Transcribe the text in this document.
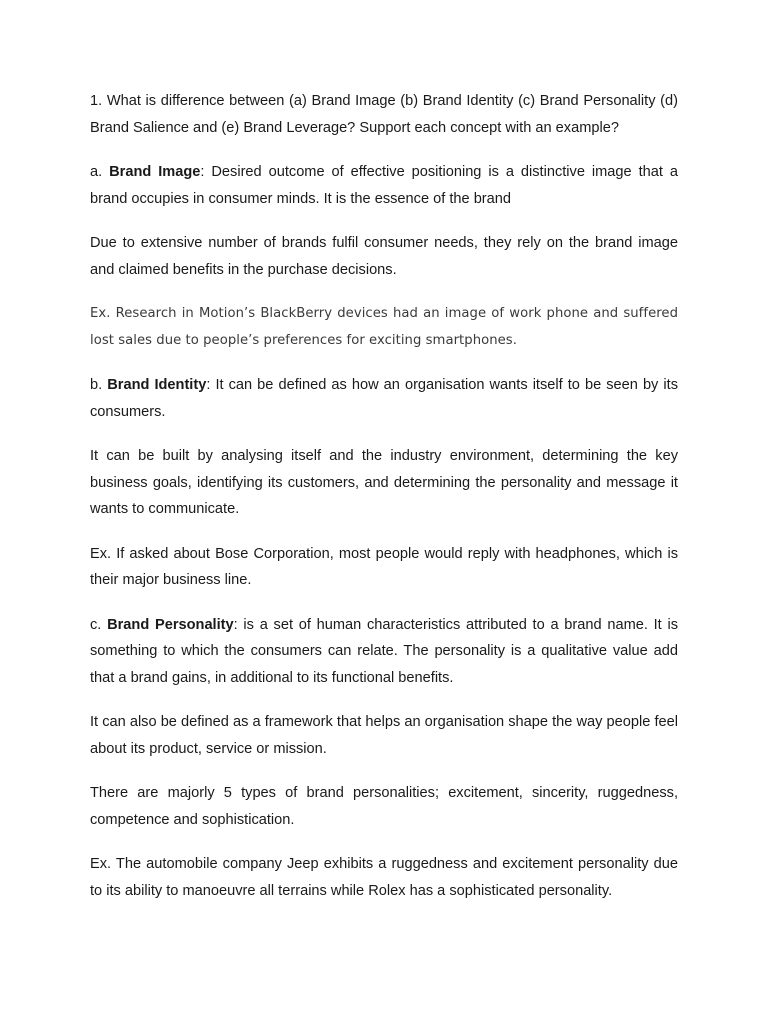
1. What is difference between (a) Brand Image (b) Brand Identity (c) Brand Personality (d) Brand Salience and (e) Brand Leverage? Support each concept with an example?

a. Brand Image: Desired outcome of effective positioning is a distinctive image that a brand occupies in consumer minds. It is the essence of the brand

Due to extensive number of brands fulfil consumer needs, they rely on the brand image and claimed benefits in the purchase decisions.

Ex. Research in Motion’s BlackBerry devices had an image of work phone and suffered lost sales due to people’s preferences for exciting smartphones.

b. Brand Identity: It can be defined as how an organisation wants itself to be seen by its consumers.

It can be built by analysing itself and the industry environment, determining the key business goals, identifying its customers, and determining the personality and message it wants to communicate.

Ex. If asked about Bose Corporation, most people would reply with headphones, which is their major business line.

c. Brand Personality: is a set of human characteristics attributed to a brand name. It is something to which the consumers can relate. The personality is a qualitative value add that a brand gains, in additional to its functional benefits.

It can also be defined as a framework that helps an organisation shape the way people feel about its product, service or mission.

There are majorly 5 types of brand personalities; excitement, sincerity, ruggedness, competence and sophistication.

Ex. The automobile company Jeep exhibits a ruggedness and excitement personality due to its ability to manoeuvre all terrains while Rolex has a sophisticated personality.
